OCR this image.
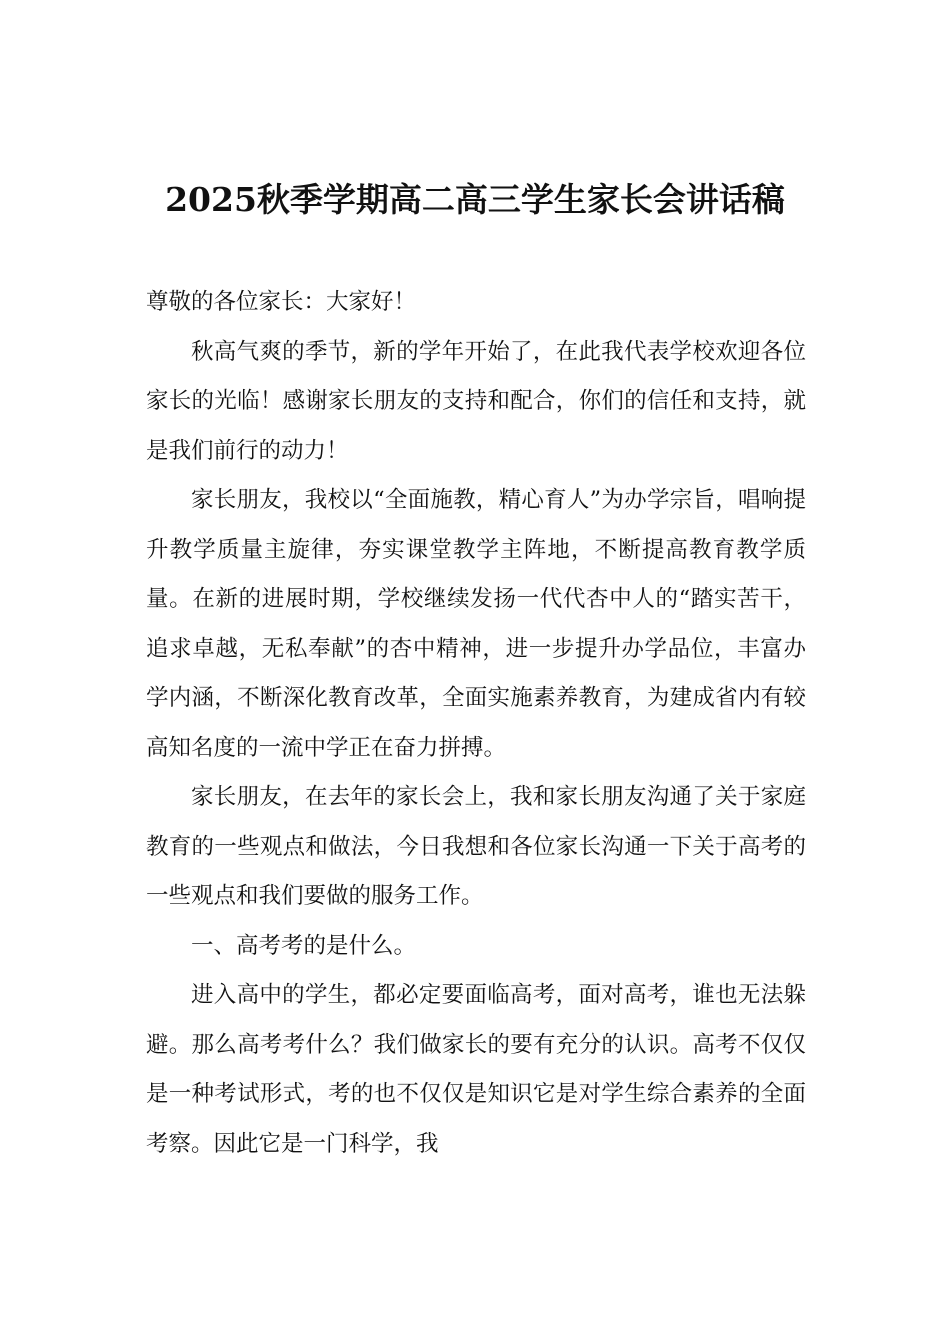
2025秋季学期高二高三学生家长会讲话稿

尊敬的各位家长：大家好！

秋高气爽的季节，新的学年开始了，在此我代表学校欢迎各位家长的光临！感谢家长朋友的支持和配合，你们的信任和支持，就是我们前行的动力！

家长朋友，我校以“全面施教，精心育人”为办学宗旨，唱响提升教学质量主旋律，夯实课堂教学主阵地，不断提高教育教学质量。在新的进展时期，学校继续发扬一代代杏中人的“踏实苦干，追求卓越，无私奉献”的杏中精神，进一步提升办学品位，丰富办学内涵，不断深化教育改革，全面实施素养教育，为建成省内有较高知名度的一流中学正在奋力拼搏。

家长朋友，在去年的家长会上，我和家长朋友沟通了关于家庭教育的一些观点和做法，今日我想和各位家长沟通一下关于高考的一些观点和我们要做的服务工作。

一、高考考的是什么。

进入高中的学生，都必定要面临高考，面对高考，谁也无法躲避。那么高考考什么？我们做家长的要有充分的认识。高考不仅仅是一种考试形式，考的也不仅仅是知识它是对学生综合素养的全面考察。因此它是一门科学，我
